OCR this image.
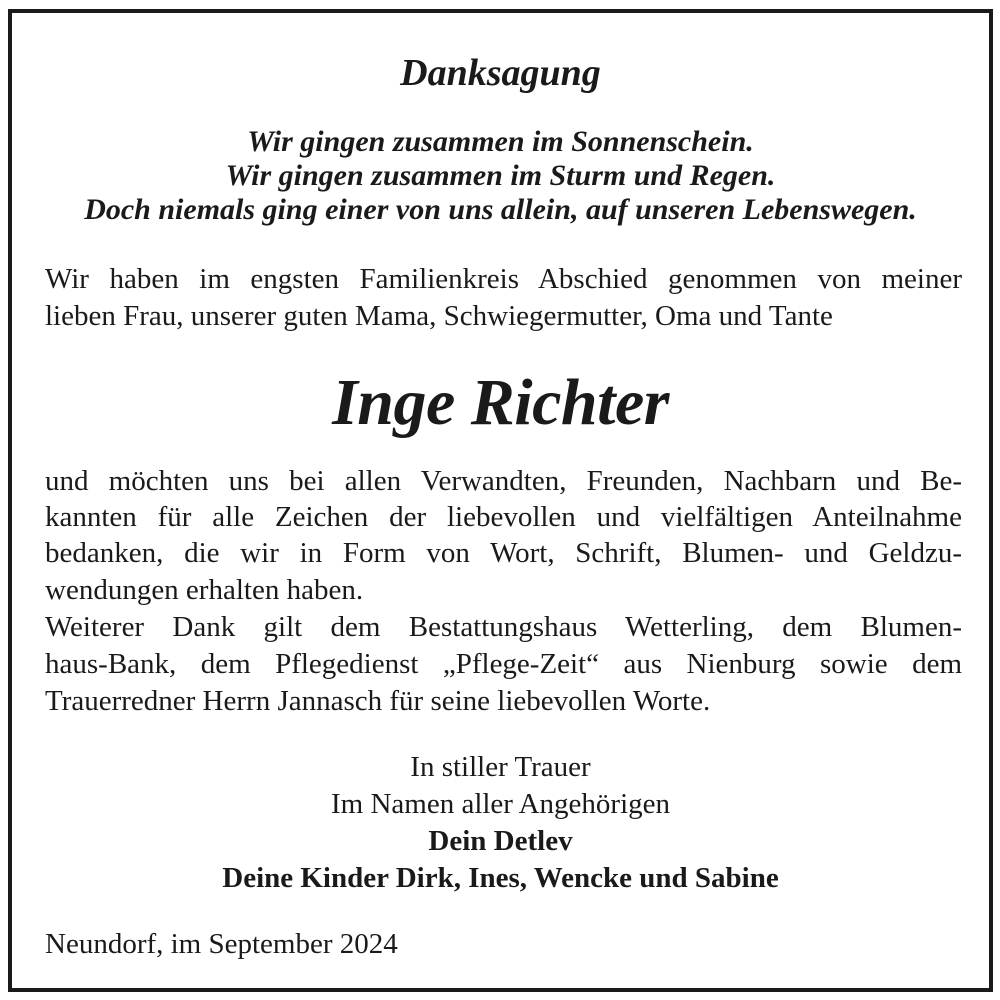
Danksagung
Wir gingen zusammen im Sonnenschein.
Wir gingen zusammen im Sturm und Regen.
Doch niemals ging einer von uns allein, auf unseren Lebenswegen.
Wir haben im engsten Familienkreis Abschied genommen von meiner
lieben Frau, unserer guten Mama, Schwiegermutter, Oma und Tante
Inge Richter
und möchten uns bei allen Verwandten, Freunden, Nachbarn und Be-
kannten für alle Zeichen der liebevollen und vielfältigen Anteilnahme
bedanken, die wir in Form von Wort, Schrift, Blumen- und Geldzu-
wendungen erhalten haben.
Weiterer Dank gilt dem Bestattungshaus Wetterling, dem Blumen-
haus-Bank, dem Pflegedienst „Pflege-Zeit“ aus Nienburg sowie dem
Trauerredner Herrn Jannasch für seine liebevollen Worte.
In stiller Trauer
Im Namen aller Angehörigen
Dein Detlev
Deine Kinder Dirk, Ines, Wencke und Sabine
Neundorf, im September 2024
